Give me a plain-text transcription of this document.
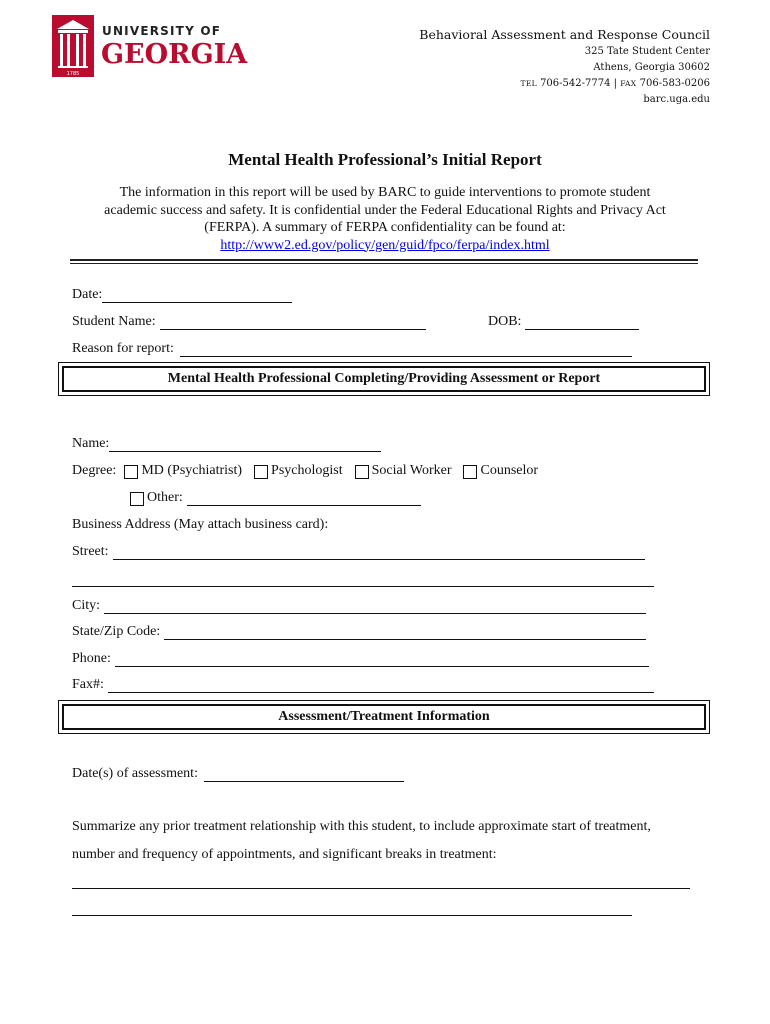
1785
UNIVERSITY OF
GEORGIA
Behavioral Assessment and Response Council
325 Tate Student Center
Athens, Georgia 30602
TEL 706-542-7774 | FAX 706-583-0206
barc.uga.edu
Mental Health Professional’s Initial Report
The information in this report will be used by BARC to guide interventions to promote student
academic success and safety. It is confidential under the Federal Educational Rights and Privacy Act
(FERPA). A summary of FERPA confidentiality can be found at:
http://www2.ed.gov/policy/gen/guid/fpco/ferpa/index.html
Date:
Student Name:	DOB:
Reason for report:
Mental Health Professional Completing/Providing Assessment or Report
Name:
Degree: MD (Psychiatrist) Psychologist Social Worker Counselor
Other:
Business Address (May attach business card):
Street:
City:
State/Zip Code:
Phone:
Fax#:
Assessment/Treatment Information
Date(s) of assessment:
Summarize any prior treatment relationship with this student, to include approximate start of treatment,
number and frequency of appointments, and significant breaks in treatment:
